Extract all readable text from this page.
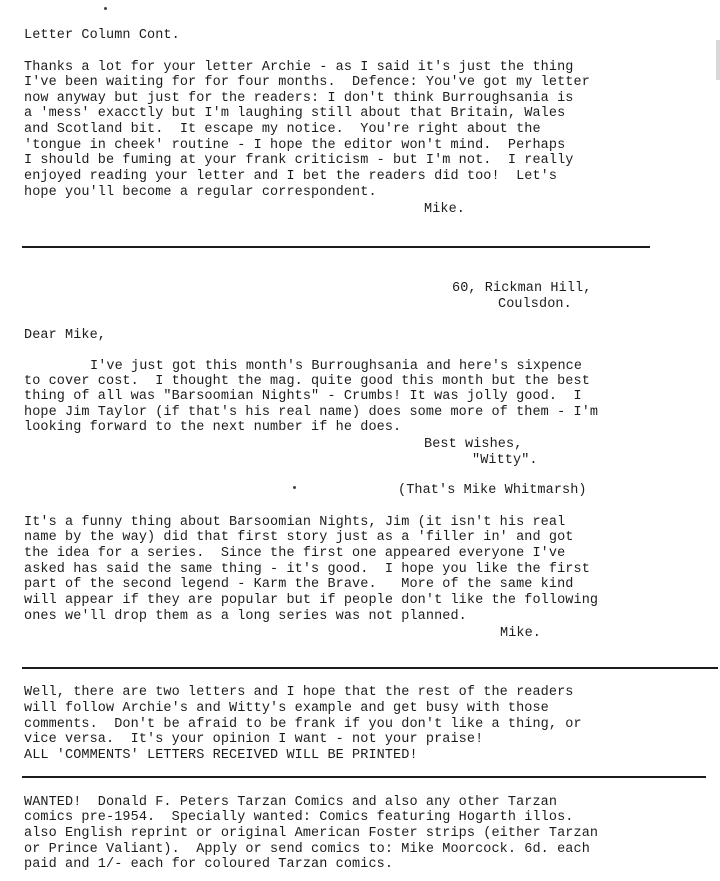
Letter Column Cont.
Thanks a lot for your letter Archie - as I said it's just the thing
I've been waiting for for four months.  Defence: You've got my letter
now anyway but just for the readers: I don't think Burroughsania is
a 'mess' exacctly but I'm laughing still about that Britain, Wales
and Scotland bit.  It escape my notice.  You're right about the
'tongue in cheek' routine - I hope the editor won't mind.  Perhaps
I should be fuming at your frank criticism - but I'm not.  I really
enjoyed reading your letter and I bet the readers did too!  Let's
hope you'll become a regular correspondent.
Mike.
60, Rickman Hill,
Coulsdon.
Dear Mike,
I've just got this month's Burroughsania and here's sixpence
to cover cost.  I thought the mag. quite good this month but the best
thing of all was "Barsoomian Nights" - Crumbs! It was jolly good.  I
hope Jim Taylor (if that's his real name) does some more of them - I'm
looking forward to the next number if he does.
Best wishes,
"Witty".
(That's Mike Whitmarsh)
It's a funny thing about Barsoomian Nights, Jim (it isn't his real
name by the way) did that first story just as a 'filler in' and got
the idea for a series.  Since the first one appeared everyone I've
asked has said the same thing - it's good.  I hope you like the first
part of the second legend - Karm the Brave.   More of the same kind
will appear if they are popular but if people don't like the following
ones we'll drop them as a long series was not planned.
Mike.
Well, there are two letters and I hope that the rest of the readers
will follow Archie's and Witty's example and get busy with those
comments.  Don't be afraid to be frank if you don't like a thing, or
vice versa.  It's your opinion I want - not your praise!
ALL 'COMMENTS' LETTERS RECEIVED WILL BE PRINTED!
WANTED!  Donald F. Peters Tarzan Comics and also any other Tarzan
comics pre-1954.  Specially wanted: Comics featuring Hogarth illos.
also English reprint or original American Foster strips (either Tarzan
or Prince Valiant).  Apply or send comics to: Mike Moorcock. 6d. each
paid and 1/- each for coloured Tarzan comics.
